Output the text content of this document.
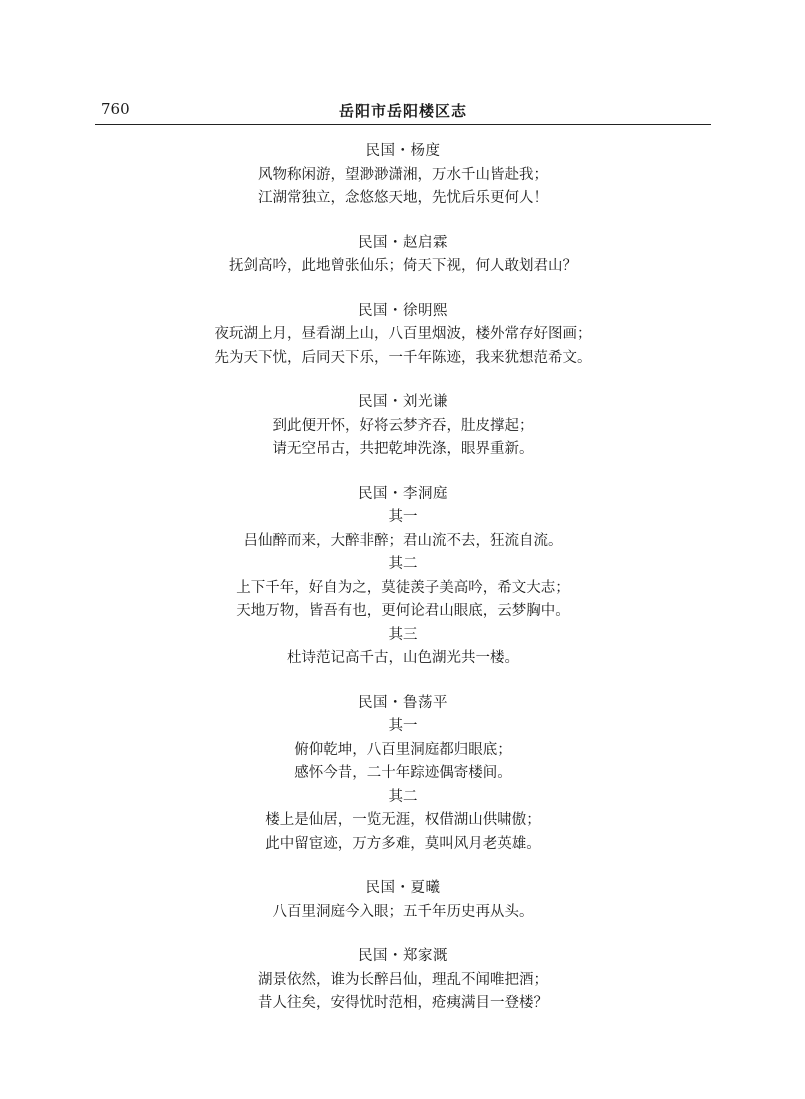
760	岳阳市岳阳楼区志
民国・杨度
风物称闲游，望渺渺潇湘，万水千山皆赴我；
江湖常独立，念悠悠天地，先忧后乐更何人！
民国・赵启霖
抚剑高吟，此地曾张仙乐；倚天下视，何人敢划君山？
民国・徐明熙
夜玩湖上月，昼看湖上山，八百里烟波，楼外常存好图画；
先为天下忧，后同天下乐，一千年陈迹，我来犹想范希文。
民国・刘光谦
到此便开怀，好将云梦齐吞，肚皮撑起；
请无空吊古，共把乾坤洗涤，眼界重新。
民国・李洞庭
其一
吕仙醉而来，大醉非醉；君山流不去，狂流自流。
其二
上下千年，好自为之，莫徒羡子美高吟，希文大志；
天地万物，皆吾有也，更何论君山眼底，云梦胸中。
其三
杜诗范记高千古，山色湖光共一楼。
民国・鲁荡平
其一
俯仰乾坤，八百里洞庭都归眼底；
感怀今昔，二十年踪迹偶寄楼间。
其二
楼上是仙居，一览无涯，权借湖山供啸傲；
此中留宦迹，万方多难，莫叫风月老英雄。
民国・夏曦
八百里洞庭今入眼；五千年历史再从头。
民国・郑家溉
湖景依然，谁为长醉吕仙，理乱不闻唯把酒；
昔人往矣，安得忧时范相，疮痍满目一登楼？
